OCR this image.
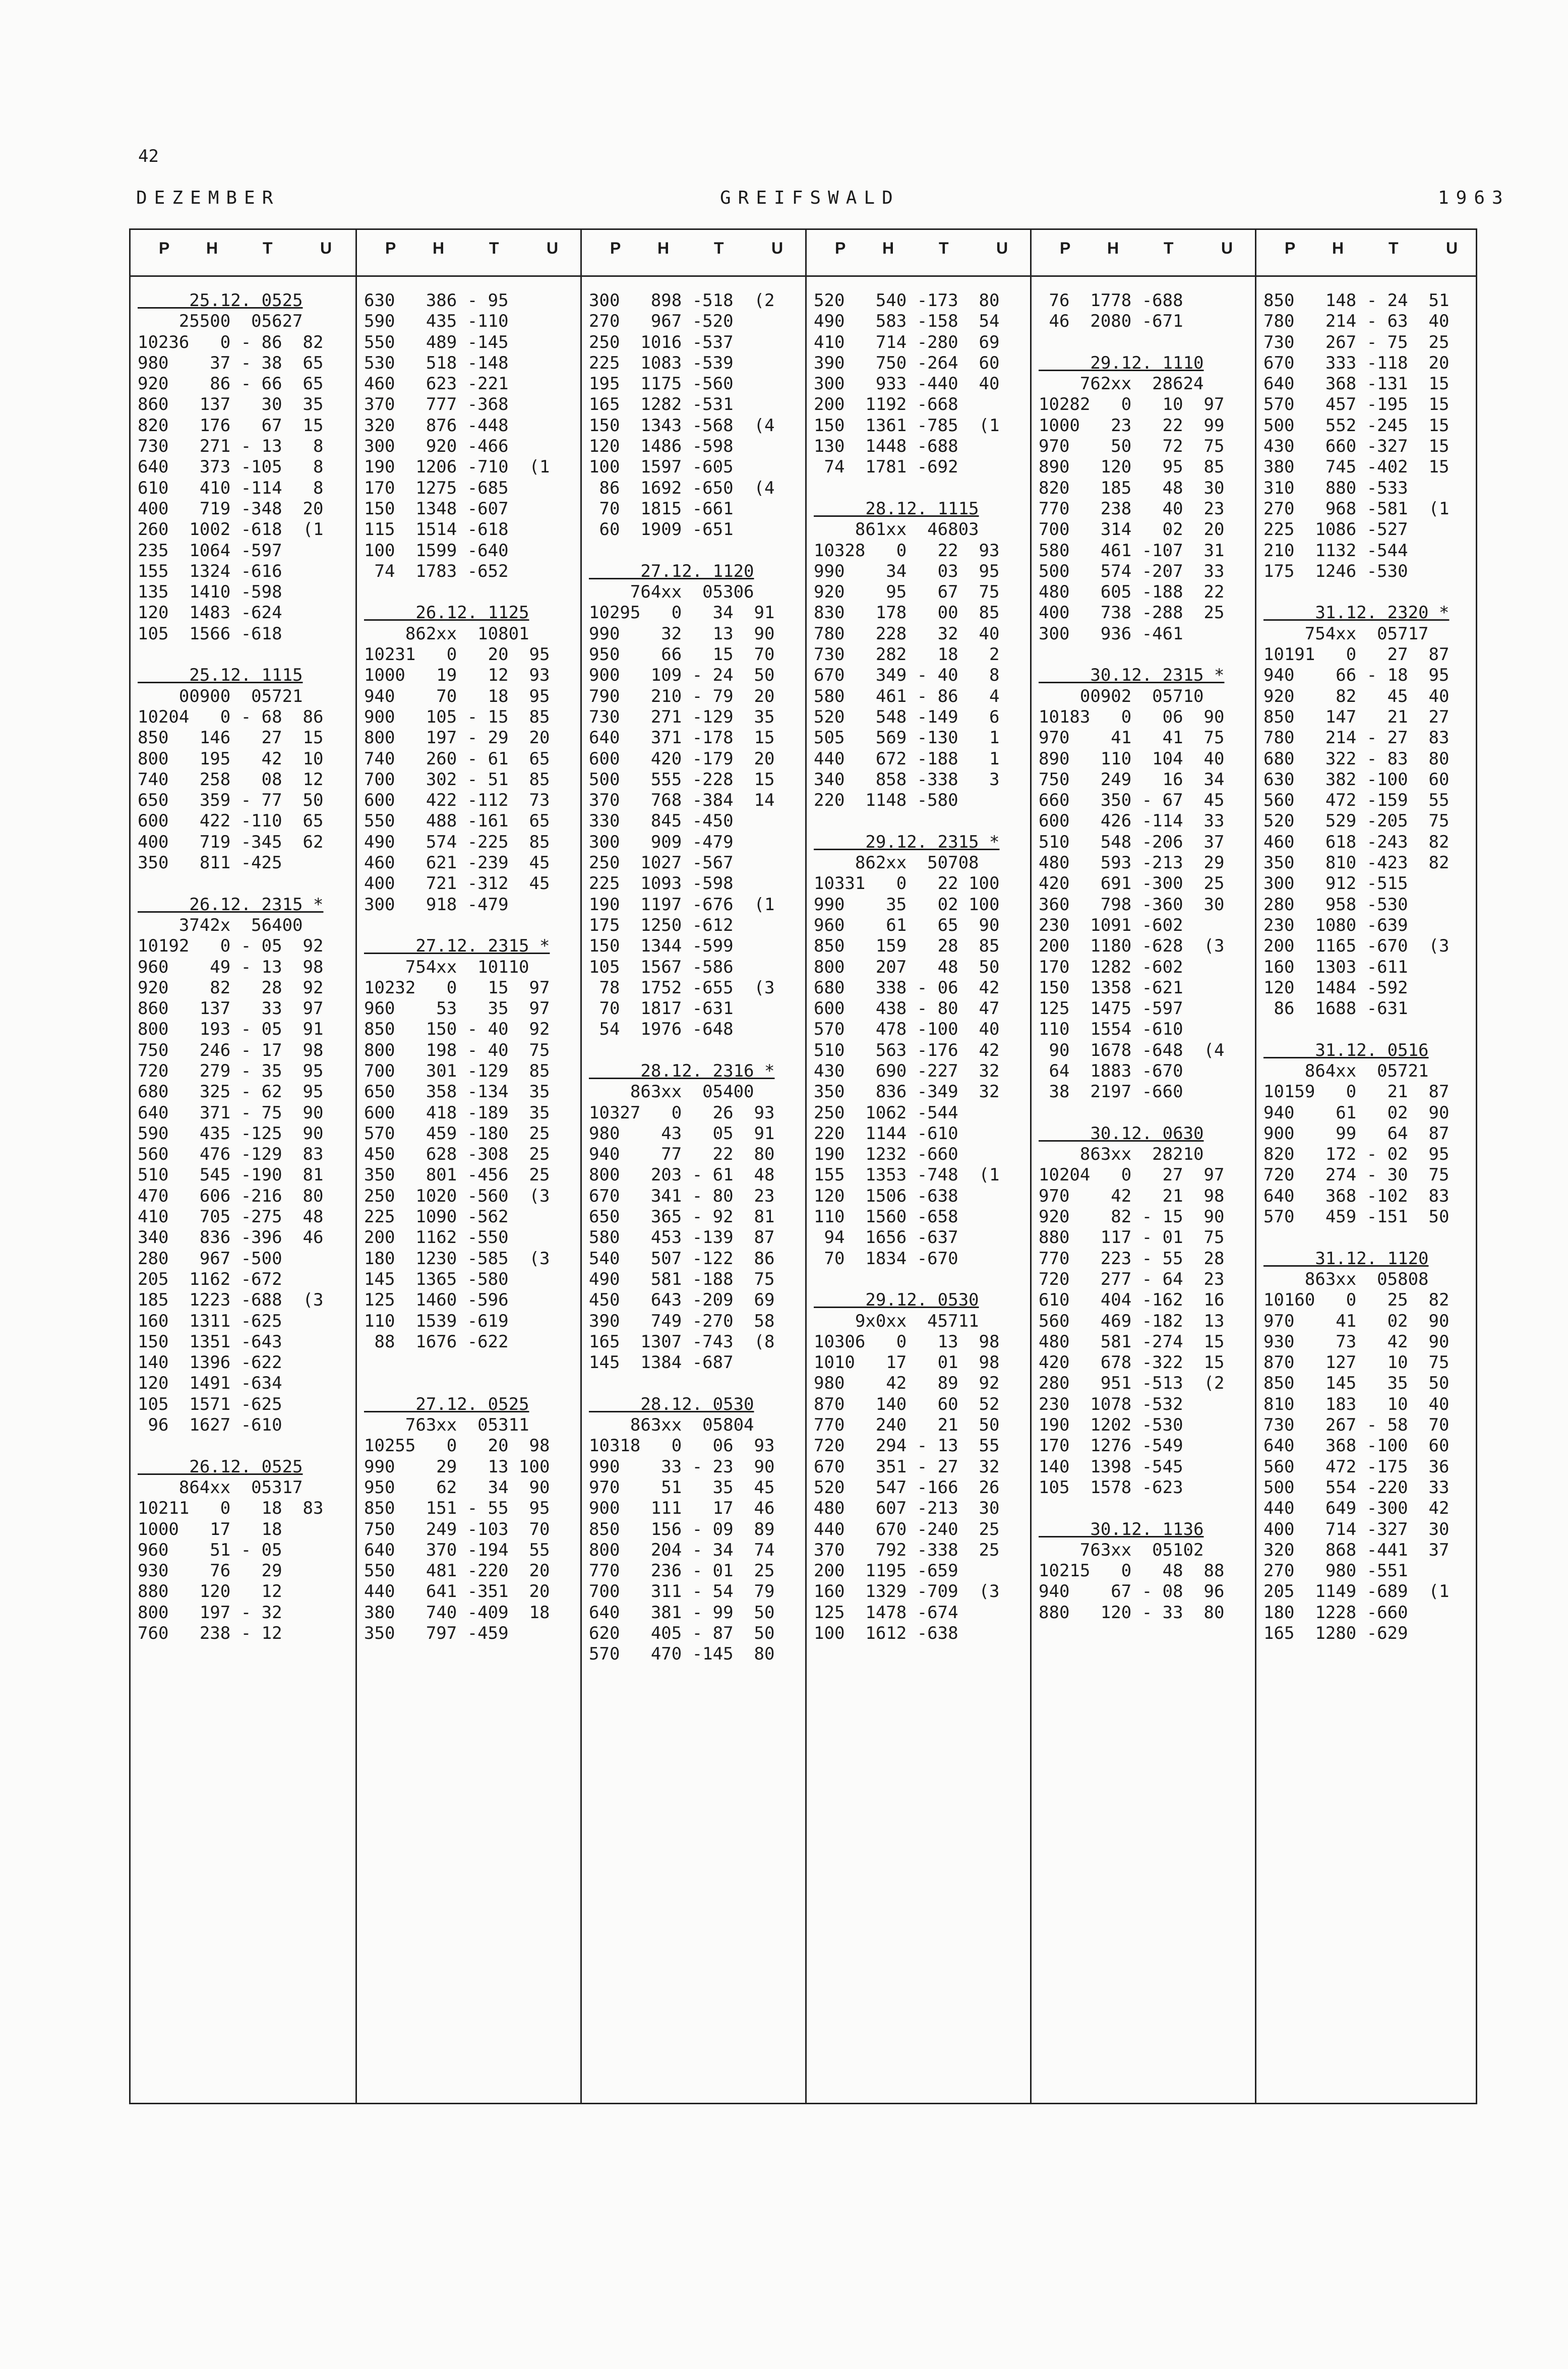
42
DEZEMBER	GREIFSWALD	1963
P H	T	U
25.12. 0525
25500  05627
10236   0 - 86  82
980    37 - 38  65
920    86 - 66  65
860   137   30  35
820   176   67  15
730   271 - 13   8
640   373 -105   8
610   410 -114   8
400   719 -348  20
260  1002 -618  (1
235  1064 -597
155  1324 -616
135  1410 -598
120  1483 -624
105  1566 -618
25.12. 1115
00900  05721
10204   0 - 68  86
850   146   27  15
800   195   42  10
740   258   08  12
650   359 - 77  50
600   422 -110  65
400   719 -345  62
350   811 -425
26.12. 2315 *
3742x  56400
10192   0 - 05  92
960    49 - 13  98
920    82   28  92
860   137   33  97
800   193 - 05  91
750   246 - 17  98
720   279 - 35  95
680   325 - 62  95
640   371 - 75  90
590   435 -125  90
560   476 -129  83
510   545 -190  81
470   606 -216  80
410   705 -275  48
340   836 -396  46
280   967 -500
205  1162 -672
185  1223 -688  (3
160  1311 -625
150  1351 -643
140  1396 -622
120  1491 -634
105  1571 -625
96  1627 -610
26.12. 0525
864xx  05317
10211   0   18  83
1000   17   18
960    51 - 05
930    76   29
880   120   12
800   197 - 32
760   238 - 12
P H	T	U
630   386 - 95
590   435 -110
550   489 -145
530   518 -148
460   623 -221
370   777 -368
320   876 -448
300   920 -466
190  1206 -710  (1
170  1275 -685
150  1348 -607
115  1514 -618
100  1599 -640
74  1783 -652
26.12. 1125
862xx  10801
10231   0   20  95
1000   19   12  93
940    70   18  95
900   105 - 15  85
800   197 - 29  20
740   260 - 61  65
700   302 - 51  85
600   422 -112  73
550   488 -161  65
490   574 -225  85
460   621 -239  45
400   721 -312  45
300   918 -479
27.12. 2315 *
754xx  10110
10232   0   15  97
960    53   35  97
850   150 - 40  92
800   198 - 40  75
700   301 -129  85
650   358 -134  35
600   418 -189  35
570   459 -180  25
450   628 -308  25
350   801 -456  25
250  1020 -560  (3
225  1090 -562
200  1162 -550
180  1230 -585  (3
145  1365 -580
125  1460 -596
110  1539 -619
88  1676 -622
27.12. 0525
763xx  05311
10255   0   20  98
990    29   13 100
950    62   34  90
850   151 - 55  95
750   249 -103  70
640   370 -194  55
550   481 -220  20
440   641 -351  20
380   740 -409  18
350   797 -459
P H	T	U
300   898 -518  (2
270   967 -520
250  1016 -537
225  1083 -539
195  1175 -560
165  1282 -531
150  1343 -568  (4
120  1486 -598
100  1597 -605
86  1692 -650  (4
70  1815 -661
60  1909 -651
27.12. 1120
764xx  05306
10295   0   34  91
990    32   13  90
950    66   15  70
900   109 - 24  50
790   210 - 79  20
730   271 -129  35
640   371 -178  15
600   420 -179  20
500   555 -228  15
370   768 -384  14
330   845 -450
300   909 -479
250  1027 -567
225  1093 -598
190  1197 -676  (1
175  1250 -612
150  1344 -599
105  1567 -586
78  1752 -655  (3
70  1817 -631
54  1976 -648
28.12. 2316 *
863xx  05400
10327   0   26  93
980    43   05  91
940    77   22  80
800   203 - 61  48
670   341 - 80  23
650   365 - 92  81
580   453 -139  87
540   507 -122  86
490   581 -188  75
450   643 -209  69
390   749 -270  58
165  1307 -743  (8
145  1384 -687
28.12. 0530
863xx  05804
10318   0   06  93
990    33 - 23  90
970    51   35  45
900   111   17  46
850   156 - 09  89
800   204 - 34  74
770   236 - 01  25
700   311 - 54  79
640   381 - 99  50
620   405 - 87  50
570   470 -145  80
P H	T	U
520   540 -173  80
490   583 -158  54
410   714 -280  69
390   750 -264  60
300   933 -440  40
200  1192 -668
150  1361 -785  (1
130  1448 -688
74  1781 -692
28.12. 1115
861xx  46803
10328   0   22  93
990    34   03  95
920    95   67  75
830   178   00  85
780   228   32  40
730   282   18   2
670   349 - 40   8
580   461 - 86   4
520   548 -149   6
505   569 -130   1
440   672 -188   1
340   858 -338   3
220  1148 -580
29.12. 2315 *
862xx  50708
10331   0   22 100
990    35   02 100
960    61   65  90
850   159   28  85
800   207   48  50
680   338 - 06  42
600   438 - 80  47
570   478 -100  40
510   563 -176  42
430   690 -227  32
350   836 -349  32
250  1062 -544
220  1144 -610
190  1232 -660
155  1353 -748  (1
120  1506 -638
110  1560 -658
94  1656 -637
70  1834 -670
29.12. 0530
9x0xx  45711
10306   0   13  98
1010   17   01  98
980    42   89  92
870   140   60  52
770   240   21  50
720   294 - 13  55
670   351 - 27  32
520   547 -166  26
480   607 -213  30
440   670 -240  25
370   792 -338  25
200  1195 -659
160  1329 -709  (3
125  1478 -674
100  1612 -638
P H	T	U
76  1778 -688
46  2080 -671
29.12. 1110
762xx  28624
10282   0   10  97
1000   23   22  99
970    50   72  75
890   120   95  85
820   185   48  30
770   238   40  23
700   314   02  20
580   461 -107  31
500   574 -207  33
480   605 -188  22
400   738 -288  25
300   936 -461
30.12. 2315 *
00902  05710
10183   0   06  90
970    41   41  75
890   110  104  40
750   249   16  34
660   350 - 67  45
600   426 -114  33
510   548 -206  37
480   593 -213  29
420   691 -300  25
360   798 -360  30
230  1091 -602
200  1180 -628  (3
170  1282 -602
150  1358 -621
125  1475 -597
110  1554 -610
90  1678 -648  (4
64  1883 -670
38  2197 -660
30.12. 0630
863xx  28210
10204   0   27  97
970    42   21  98
920    82 - 15  90
880   117 - 01  75
770   223 - 55  28
720   277 - 64  23
610   404 -162  16
560   469 -182  13
480   581 -274  15
420   678 -322  15
280   951 -513  (2
230  1078 -532
190  1202 -530
170  1276 -549
140  1398 -545
105  1578 -623
30.12. 1136
763xx  05102
10215   0   48  88
940    67 - 08  96
880   120 - 33  80
P H	T	U
850   148 - 24  51
780   214 - 63  40
730   267 - 75  25
670   333 -118  20
640   368 -131  15
570   457 -195  15
500   552 -245  15
430   660 -327  15
380   745 -402  15
310   880 -533
270   968 -581  (1
225  1086 -527
210  1132 -544
175  1246 -530
31.12. 2320 *
754xx  05717
10191   0   27  87
940    66 - 18  95
920    82   45  40
850   147   21  27
780   214 - 27  83
680   322 - 83  80
630   382 -100  60
560   472 -159  55
520   529 -205  75
460   618 -243  82
350   810 -423  82
300   912 -515
280   958 -530
230  1080 -639
200  1165 -670  (3
160  1303 -611
120  1484 -592
86  1688 -631
31.12. 0516
864xx  05721
10159   0   21  87
940    61   02  90
900    99   64  87
820   172 - 02  95
720   274 - 30  75
640   368 -102  83
570   459 -151  50
31.12. 1120
863xx  05808
10160   0   25  82
970    41   02  90
930    73   42  90
870   127   10  75
850   145   35  50
810   183   10  40
730   267 - 58  70
640   368 -100  60
560   472 -175  36
500   554 -220  33
440   649 -300  42
400   714 -327  30
320   868 -441  37
270   980 -551
205  1149 -689  (1
180  1228 -660
165  1280 -629
